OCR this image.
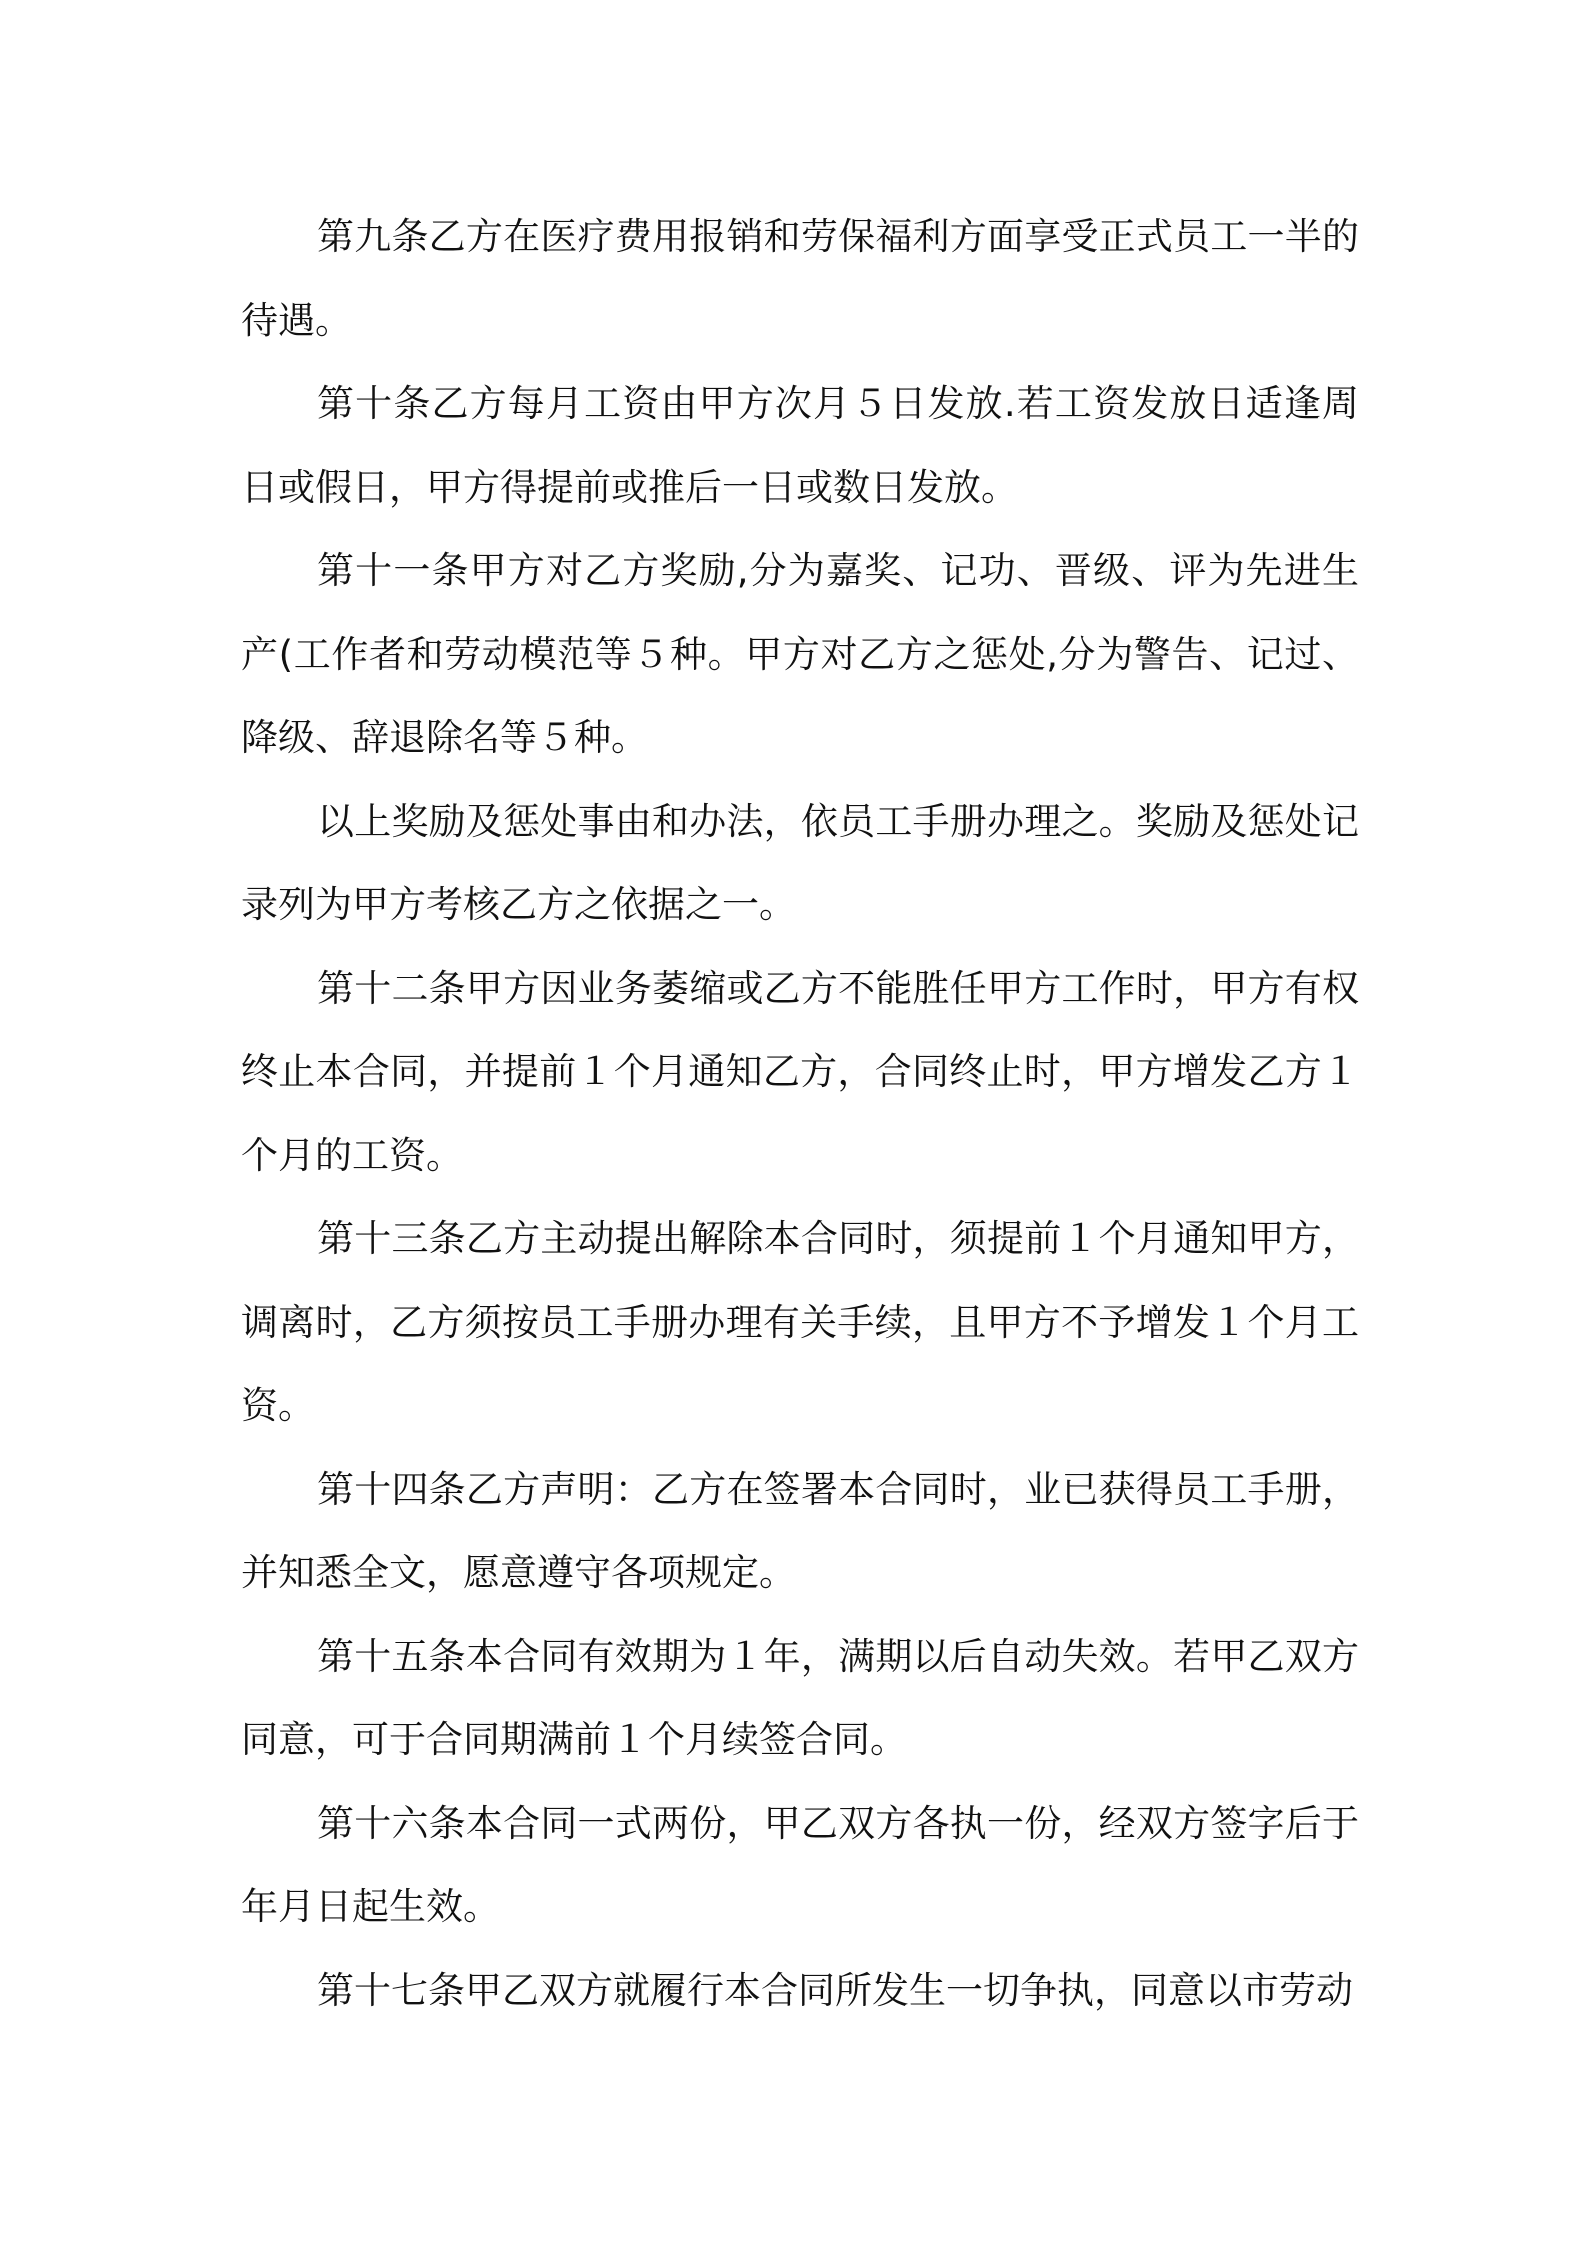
第九条乙方在医疗费用报销和劳保福利方面享受正式员工一半的待遇。

第十条乙方每月工资由甲方次月５日发放.若工资发放日适逢周日或假日，甲方得提前或推后一日或数日发放。

第十一条甲方对乙方奖励,分为嘉奖、记功、晋级、评为先进生产(工作者和劳动模范等５种。甲方对乙方之惩处,分为警告、记过、降级、辞退除名等５种。

以上奖励及惩处事由和办法，依员工手册办理之。奖励及惩处记录列为甲方考核乙方之依据之一。

第十二条甲方因业务萎缩或乙方不能胜任甲方工作时，甲方有权终止本合同，并提前１个月通知乙方，合同终止时，甲方增发乙方１个月的工资。

第十三条乙方主动提出解除本合同时，须提前１个月通知甲方，调离时，乙方须按员工手册办理有关手续，且甲方不予增发１个月工资。

第十四条乙方声明：乙方在签署本合同时，业已获得员工手册，并知悉全文，愿意遵守各项规定。

第十五条本合同有效期为１年，满期以后自动失效。若甲乙双方同意，可于合同期满前１个月续签合同。

第十六条本合同一式两份，甲乙双方各执一份，经双方签字后于年月日起生效。

第十七条甲乙双方就履行本合同所发生一切争执，同意以市劳动
